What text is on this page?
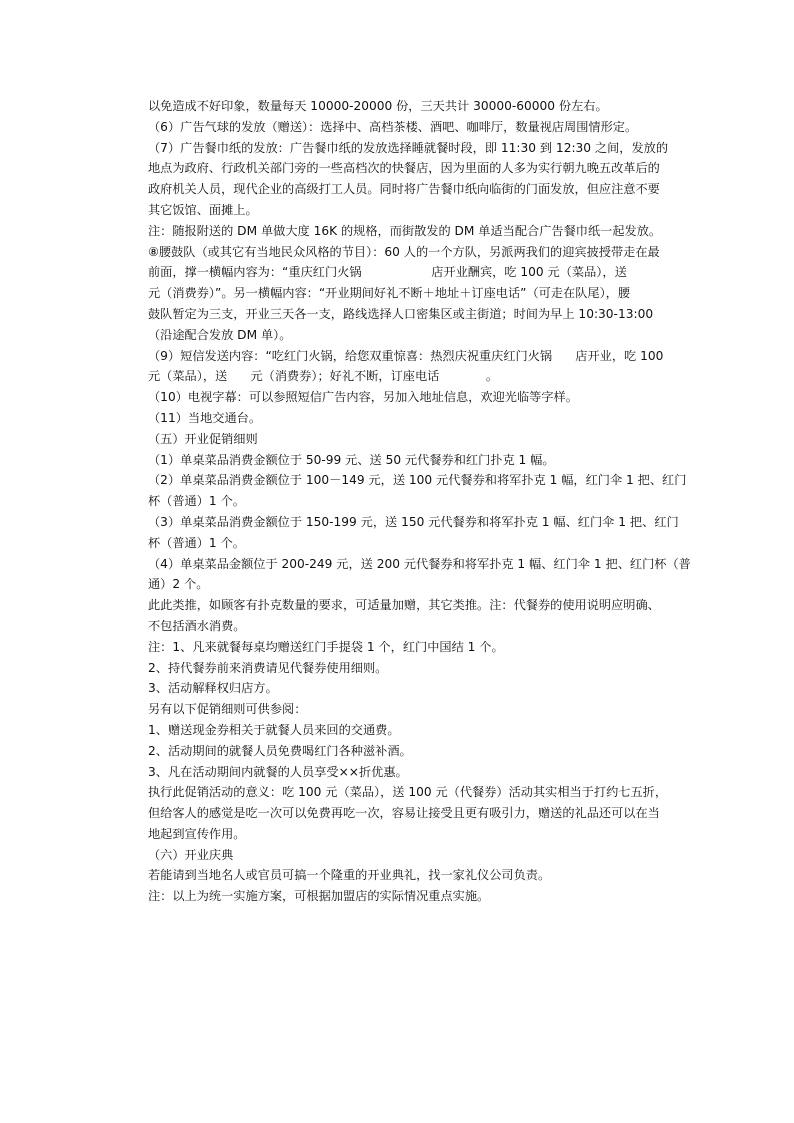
以免造成不好印象，数量每天 10000-20000 份，三天共计 30000-60000 份左右。
（6）广告气球的发放（赠送）：选择中、高档茶楼、酒吧、咖啡厅，数量视店周围情形定。
（7）广告餐巾纸的发放：广告餐巾纸的发放选择睡就餐时段，即 11:30 到 12:30 之间，发放的
地点为政府、行政机关部门旁的一些高档次的快餐店，因为里面的人多为实行朝九晚五改革后的
政府机关人员，现代企业的高级打工人员。同时将广告餐巾纸向临街的门面发放，但应注意不要
其它饭馆、面摊上。
注：随报附送的 DM 单做大度 16K 的规格，而街散发的 DM 单适当配合广告餐巾纸一起发放。
⑧腰鼓队（或其它有当地民众风格的节目）：60 人的一个方队，另派两我们的迎宾披授带走在最
前面，撑一横幅内容为：“重庆红门火锅                  店开业酬宾，吃 100 元（菜品），送
元（消费券）”。另一横幅内容：“开业期间好礼不断＋地址＋订座电话”（可走在队尾），腰
鼓队暂定为三支，开业三天各一支，路线选择人口密集区或主街道；时间为早上 10:30-13:00
（沿途配合发放 DM 单）。
（9）短信发送内容：“吃红门火锅，给您双重惊喜：热烈庆祝重庆红门火锅      店开业，吃 100
元（菜品），送      元（消费券）；好礼不断，订座电话            。
（10）电视字幕：可以参照短信广告内容，另加入地址信息，欢迎光临等字样。
（11）当地交通台。
（五）开业促销细则
（1）单桌菜品消费金额位于 50-99 元、送 50 元代餐券和红门扑克 1 幅。
（2）单桌菜品消费金额位于 100－149 元，送 100 元代餐券和将军扑克 1 幅，红门伞 1 把、红门
杯（普通）1 个。
（3）单桌菜品消费金额位于 150-199 元，送 150 元代餐券和将军扑克 1 幅、红门伞 1 把、红门
杯（普通）1 个。
（4）单桌菜品金额位于 200-249 元，送 200 元代餐券和将军扑克 1 幅、红门伞 1 把、红门杯（普
通）2 个。
此此类推，如顾客有扑克数量的要求，可适量加赠，其它类推。注：代餐券的使用说明应明确、
不包括酒水消费。
注：1、凡来就餐每桌均赠送红门手提袋 1 个，红门中国结 1 个。
2、持代餐券前来消费请见代餐券使用细则。
3、活动解释权归店方。
另有以下促销细则可供参阅：
1、赠送现金券相关于就餐人员来回的交通费。
2、活动期间的就餐人员免费喝红门各种滋补酒。
3、凡在活动期间内就餐的人员享受××折优惠。
执行此促销活动的意义：吃 100 元（菜品），送 100 元（代餐券）活动其实相当于打约七五折，
但给客人的感觉是吃一次可以免费再吃一次，容易让接受且更有吸引力，赠送的礼品还可以在当
地起到宣传作用。
（六）开业庆典
若能请到当地名人或官员可搞一个隆重的开业典礼，找一家礼仪公司负责。
注：以上为统一实施方案，可根据加盟店的实际情况重点实施。
